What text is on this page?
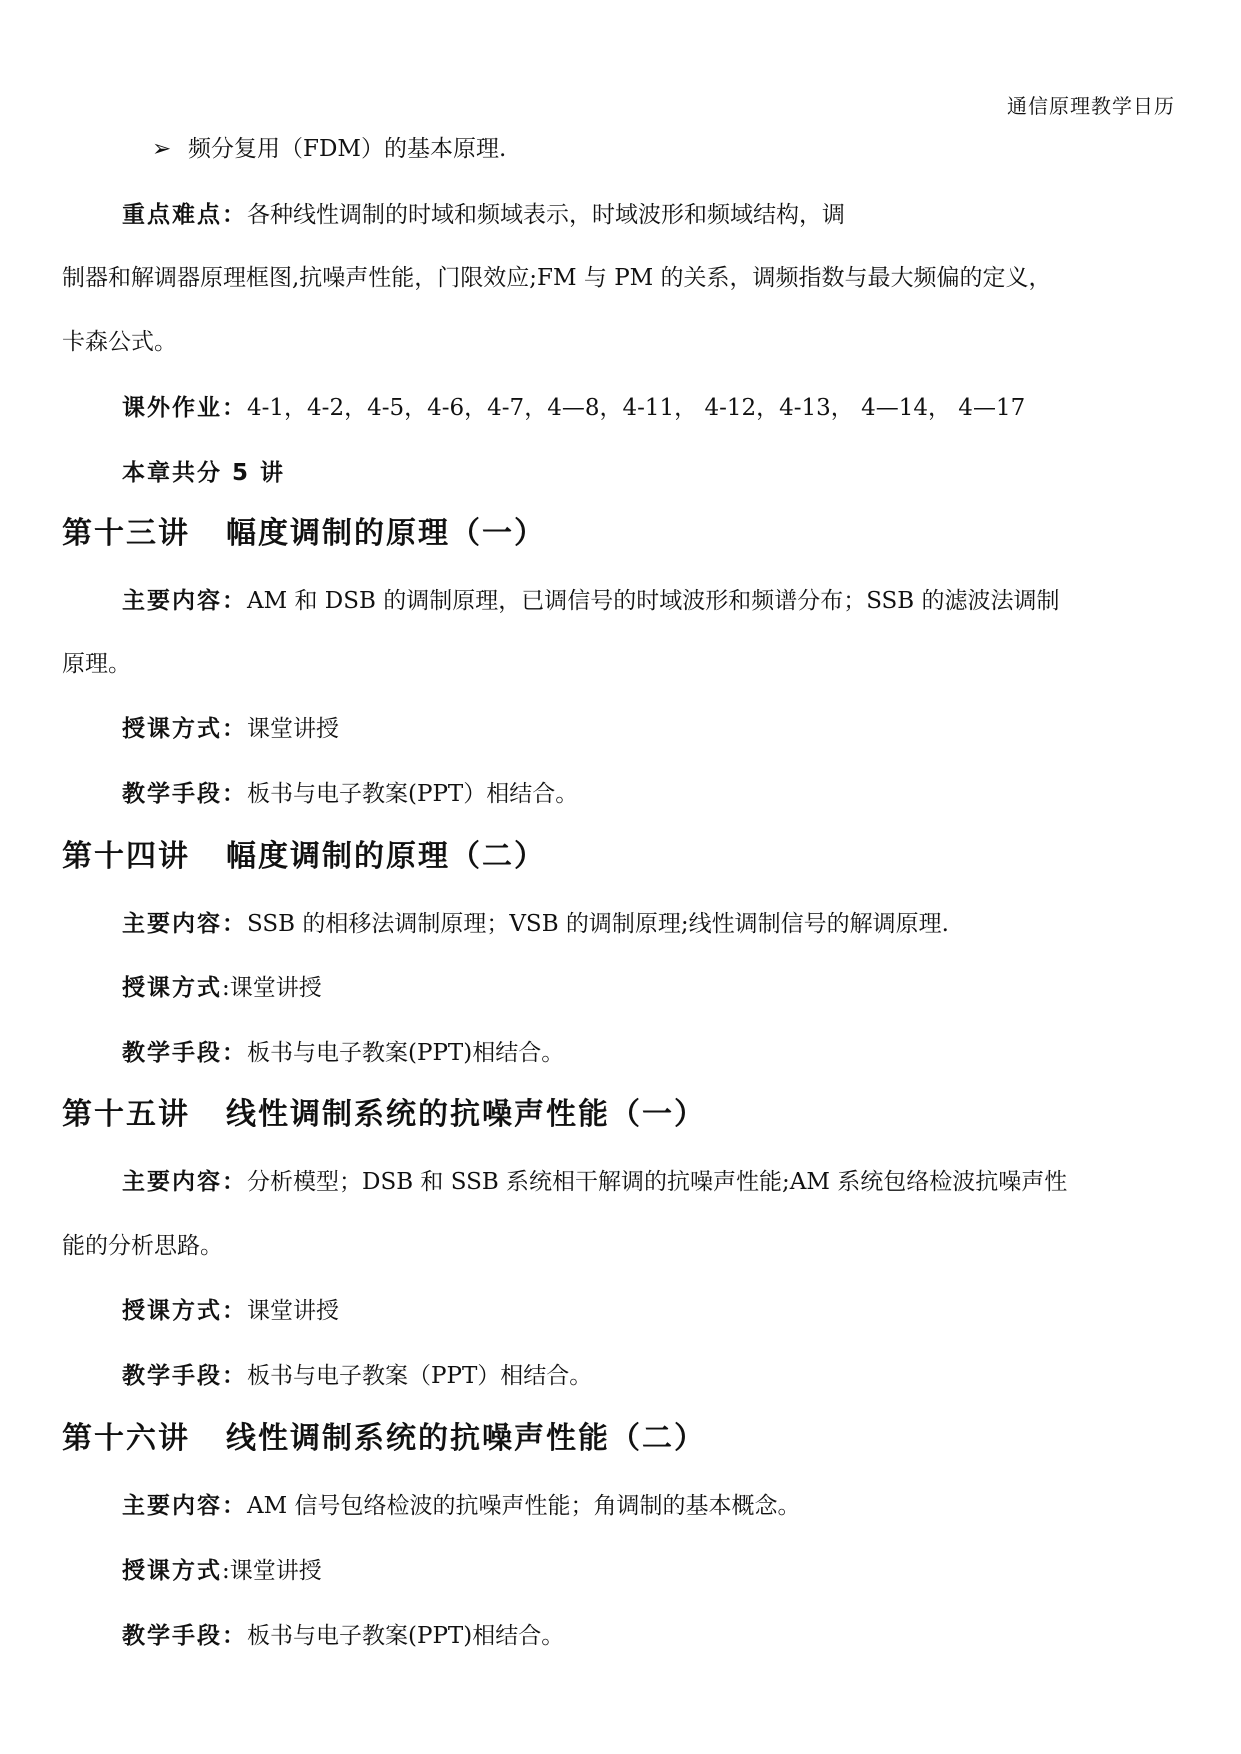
通信原理教学日历
➢ 频分复用（FDM）的基本原理.
重点难点：各种线性调制的时域和频域表示，时域波形和频域结构，调
制器和解调器原理框图,抗噪声性能，门限效应;FM 与 PM 的关系，调频指数与最大频偏的定义，
卡森公式。
课外作业：4-1，4-2，4-5，4-6，4-7，4—8，4-11， 4-12，4-13， 4—14， 4—17
本章共分 5 讲
第十三讲 幅度调制的原理（一）
主要内容：AM 和 DSB 的调制原理，已调信号的时域波形和频谱分布；SSB 的滤波法调制
原理。
授课方式：课堂讲授
教学手段：板书与电子教案(PPT）相结合。
第十四讲 幅度调制的原理（二）
主要内容：SSB 的相移法调制原理；VSB 的调制原理;线性调制信号的解调原理.
授课方式:课堂讲授
教学手段：板书与电子教案(PPT)相结合。
第十五讲 线性调制系统的抗噪声性能（一）
主要内容：分析模型；DSB 和 SSB 系统相干解调的抗噪声性能;AM 系统包络检波抗噪声性
能的分析思路。
授课方式：课堂讲授
教学手段：板书与电子教案（PPT）相结合。
第十六讲 线性调制系统的抗噪声性能（二）
主要内容：AM 信号包络检波的抗噪声性能；角调制的基本概念。
授课方式:课堂讲授
教学手段：板书与电子教案(PPT)相结合。
